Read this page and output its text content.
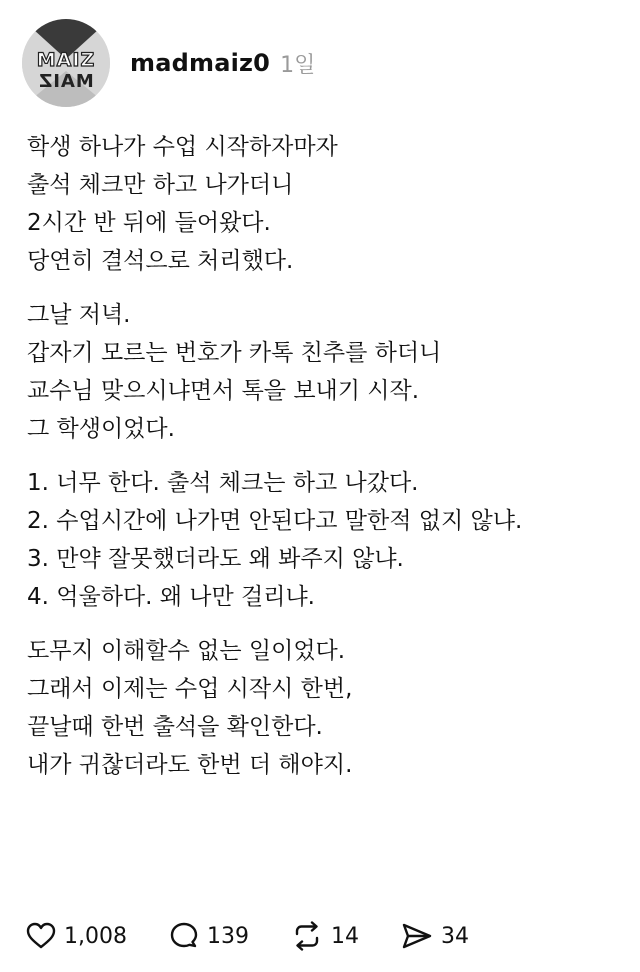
MAIZ
MAIZ
madmaiz0 1일

학생 하나가 수업 시작하자마자
출석 체크만 하고 나가더니
2시간 반 뒤에 들어왔다.
당연히 결석으로 처리했다.

그날 저녁.
갑자기 모르는 번호가 카톡 친추를 하더니
교수님 맞으시냐면서 톡을 보내기 시작.
그 학생이었다.

1. 너무 한다. 출석 체크는 하고 나갔다.
2. 수업시간에 나가면 안된다고 말한적 없지 않냐.
3. 만약 잘못했더라도 왜 봐주지 않냐.
4. 억울하다. 왜 나만 걸리냐.

도무지 이해할수 없는 일이었다.
그래서 이제는 수업 시작시 한번,
끝날때 한번 출석을 확인한다.
내가 귀찮더라도 한번 더 해야지.

1,008	139	14	34
